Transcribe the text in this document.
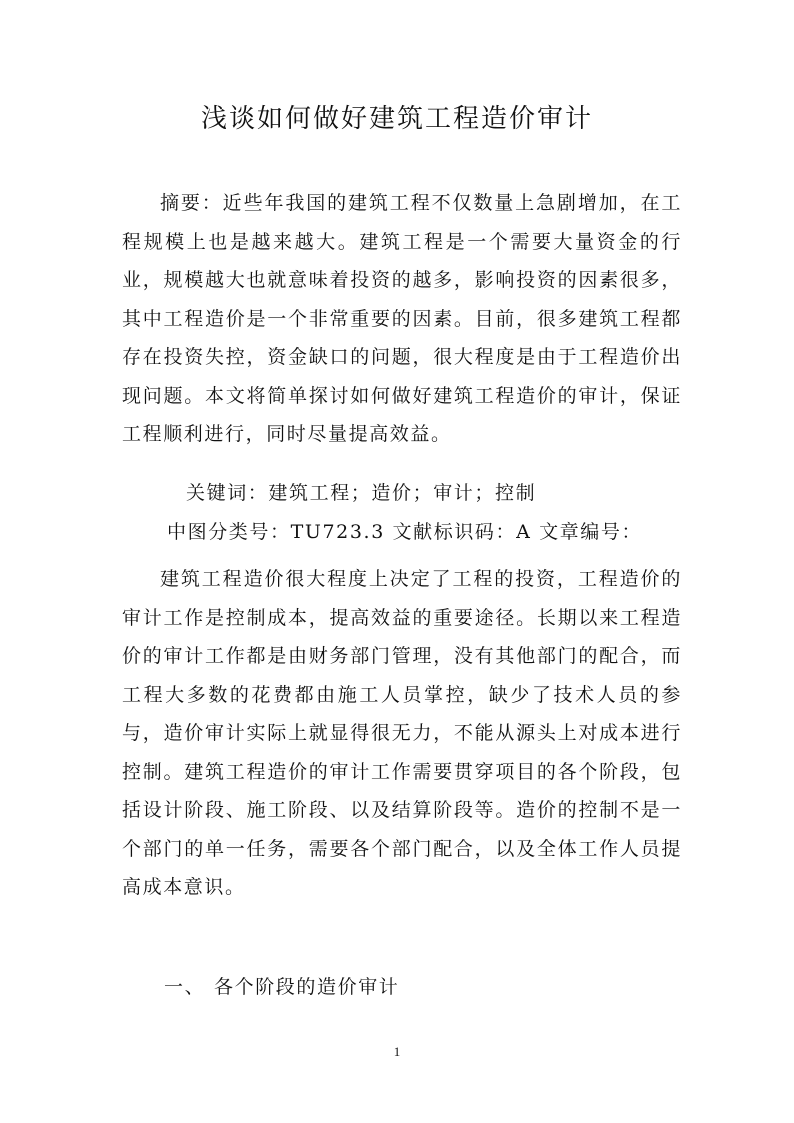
浅谈如何做好建筑工程造价审计

摘要：近些年我国的建筑工程不仅数量上急剧增加，在工程规模上也是越来越大。建筑工程是一个需要大量资金的行业，规模越大也就意味着投资的越多，影响投资的因素很多，其中工程造价是一个非常重要的因素。目前，很多建筑工程都存在投资失控，资金缺口的问题，很大程度是由于工程造价出现问题。本文将简单探讨如何做好建筑工程造价的审计，保证工程顺利进行，同时尽量提高效益。

关键词：建筑工程；造价；审计；控制

中图分类号：TU723.3 文献标识码：A 文章编号：

建筑工程造价很大程度上决定了工程的投资，工程造价的审计工作是控制成本，提高效益的重要途径。长期以来工程造价的审计工作都是由财务部门管理，没有其他部门的配合，而工程大多数的花费都由施工人员掌控，缺少了技术人员的参与，造价审计实际上就显得很无力，不能从源头上对成本进行控制。建筑工程造价的审计工作需要贯穿项目的各个阶段，包括设计阶段、施工阶段、以及结算阶段等。造价的控制不是一个部门的单一任务，需要各个部门配合，以及全体工作人员提高成本意识。

一、 各个阶段的造价审计

1
